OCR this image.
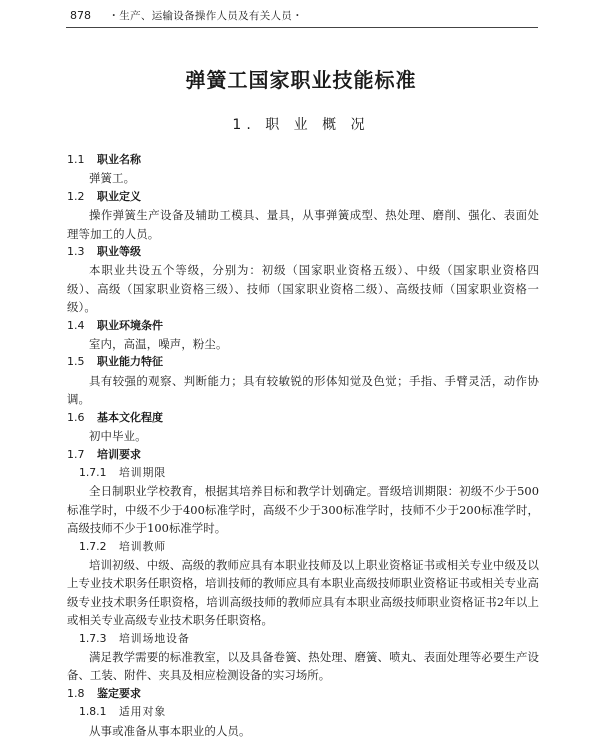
878 ・生产、运输设备操作人员及有关人员・
弹簧工国家职业技能标准
1. 职 业 概 况
1.1 职业名称

弹簧工。

1.2 职业定义

操作弹簧生产设备及辅助工模具、量具，从事弹簧成型、热处理、磨削、强化、表面处理等加工的人员。

1.3 职业等级

本职业共设五个等级，分别为：初级（国家职业资格五级）、中级（国家职业资格四级）、高级（国家职业资格三级）、技师（国家职业资格二级）、高级技师（国家职业资格一级）。

1.4 职业环境条件

室内，高温，噪声，粉尘。

1.5 职业能力特征

具有较强的观察、判断能力；具有较敏锐的形体知觉及色觉；手指、手臂灵活，动作协调。

1.6 基本文化程度

初中毕业。

1.7 培训要求
1.7.1 培训期限

全日制职业学校教育，根据其培养目标和教学计划确定。晋级培训期限：初级不少于500标准学时，中级不少于400标准学时，高级不少于300标准学时，技师不少于200标准学时，高级技师不少于100标准学时。

1.7.2 培训教师

培训初级、中级、高级的教师应具有本职业技师及以上职业资格证书或相关专业中级及以上专业技术职务任职资格，培训技师的教师应具有本职业高级技师职业资格证书或相关专业高级专业技术职务任职资格，培训高级技师的教师应具有本职业高级技师职业资格证书2年以上或相关专业高级专业技术职务任职资格。

1.7.3 培训场地设备

满足教学需要的标准教室，以及具备卷簧、热处理、磨簧、喷丸、表面处理等必要生产设备、工装、附件、夹具及相应检测设备的实习场所。

1.8 鉴定要求
1.8.1 适用对象

从事或准备从事本职业的人员。
